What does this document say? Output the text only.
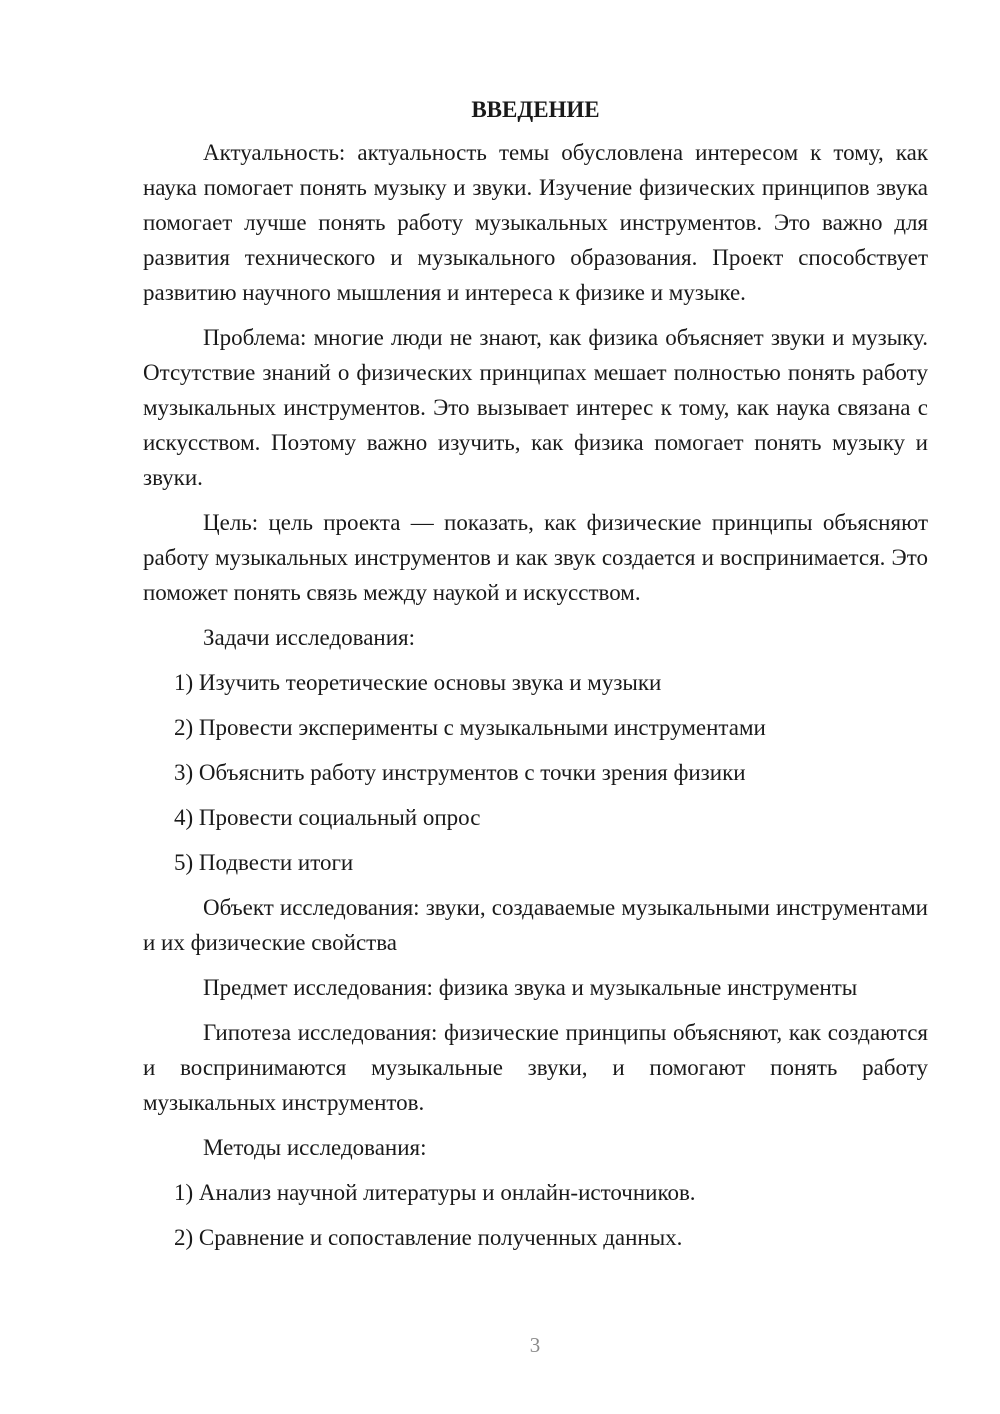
ВВЕДЕНИЕ

Актуальность: актуальность темы обусловлена интересом к тому, как наука помогает понять музыку и звуки. Изучение физических принципов звука помогает лучше понять работу музыкальных инструментов. Это важно для развития технического и музыкального образования. Проект способствует развитию научного мышления и интереса к физике и музыке.

Проблема: многие люди не знают, как физика объясняет звуки и музыку. Отсутствие знаний о физических принципах мешает полностью понять работу музыкальных инструментов. Это вызывает интерес к тому, как наука связана с искусством. Поэтому важно изучить, как физика помогает понять музыку и звуки.

Цель: цель проекта — показать, как физические принципы объясняют работу музыкальных инструментов и как звук создается и воспринимается. Это поможет понять связь между наукой и искусством.

Задачи исследования:

1) Изучить теоретические основы звука и музыки

2) Провести эксперименты с музыкальными инструментами

3) Объяснить работу инструментов с точки зрения физики

4) Провести социальный опрос

5) Подвести итоги

Объект исследования: звуки, создаваемые музыкальными инструментами и их физические свойства

Предмет исследования: физика звука и музыкальные инструменты

Гипотеза исследования: физические принципы объясняют, как создаются и воспринимаются музыкальные звуки, и помогают понять работу музыкальных инструментов.

Методы исследования:

1) Анализ научной литературы и онлайн-источников.

2) Сравнение и сопоставление полученных данных.

3
